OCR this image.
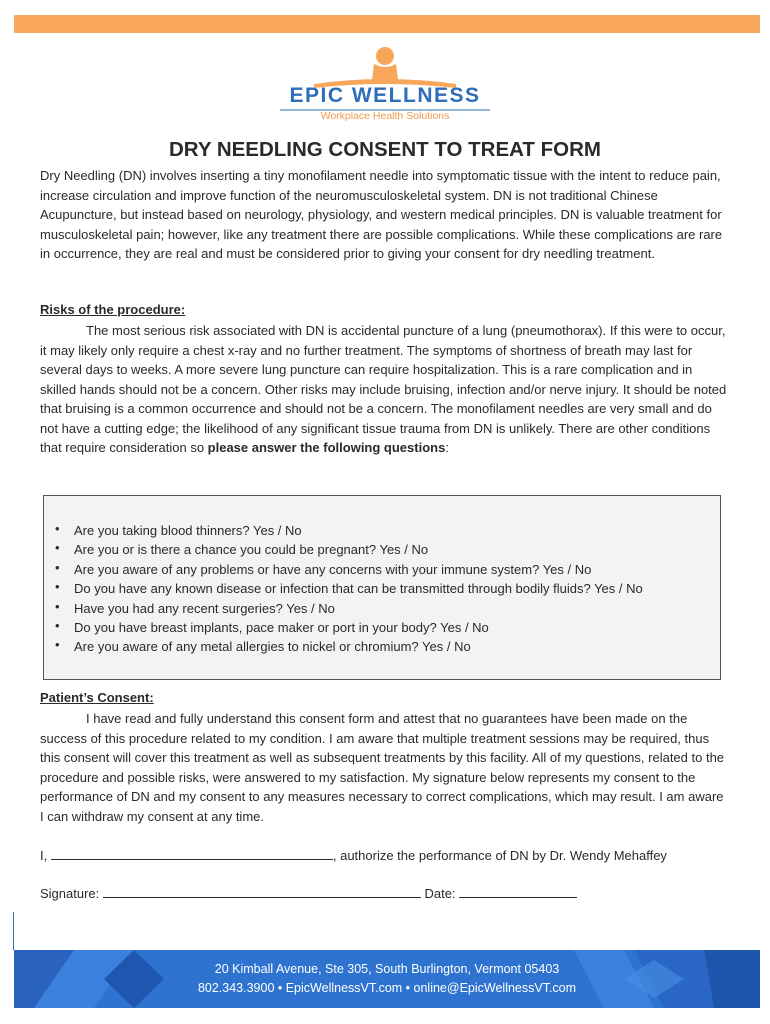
EPIC WELLNESS
Workplace Health Solutions
DRY NEEDLING CONSENT TO TREAT FORM

Dry Needling (DN) involves inserting a tiny monofilament needle into symptomatic tissue with the intent to reduce pain, increase circulation and improve function of the neuromusculoskeletal system. DN is not traditional Chinese Acupuncture, but instead based on neurology, physiology, and western medical principles. DN is valuable treatment for musculoskeletal pain; however, like any treatment there are possible complications. While these complications are rare in occurrence, they are real and must be considered prior to giving your consent for dry needling treatment.

Risks of the procedure:

The most serious risk associated with DN is accidental puncture of a lung (pneumothorax). If this were to occur, it may likely only require a chest x-ray and no further treatment. The symptoms of shortness of breath may last for several days to weeks. A more severe lung puncture can require hospitalization. This is a rare complication and in skilled hands should not be a concern. Other risks may include bruising, infection and/or nerve injury. It should be noted that bruising is a common occurrence and should not be a concern. The monofilament needles are very small and do not have a cutting edge; the likelihood of any significant tissue trauma from DN is unlikely. There are other conditions that require consideration so please answer the following questions:

• Are you taking blood thinners? Yes / No
• Are you or is there a chance you could be pregnant? Yes / No
• Are you aware of any problems or have any concerns with your immune system? Yes / No
• Do you have any known disease or infection that can be transmitted through bodily fluids? Yes / No
• Have you had any recent surgeries? Yes / No
• Do you have breast implants, pace maker or port in your body? Yes / No
• Are you aware of any metal allergies to nickel or chromium? Yes / No
Patient’s Consent:

I have read and fully understand this consent form and attest that no guarantees have been made on the success of this procedure related to my condition. I am aware that multiple treatment sessions may be required, thus this consent will cover this treatment as well as subsequent treatments by this facility. All of my questions, related to the procedure and possible risks, were answered to my satisfaction. My signature below represents my consent to the performance of DN and my consent to any measures necessary to correct complications, which may result. I am aware I can withdraw my consent at any time.

I,	, authorize the performance of DN by Dr. Wendy Mehaffey
Signature:	Date:
20 Kimball Avenue, Ste 305, South Burlington, Vermont 05403
802.343.3900 • EpicWellnessVT.com • online@EpicWellnessVT.com
